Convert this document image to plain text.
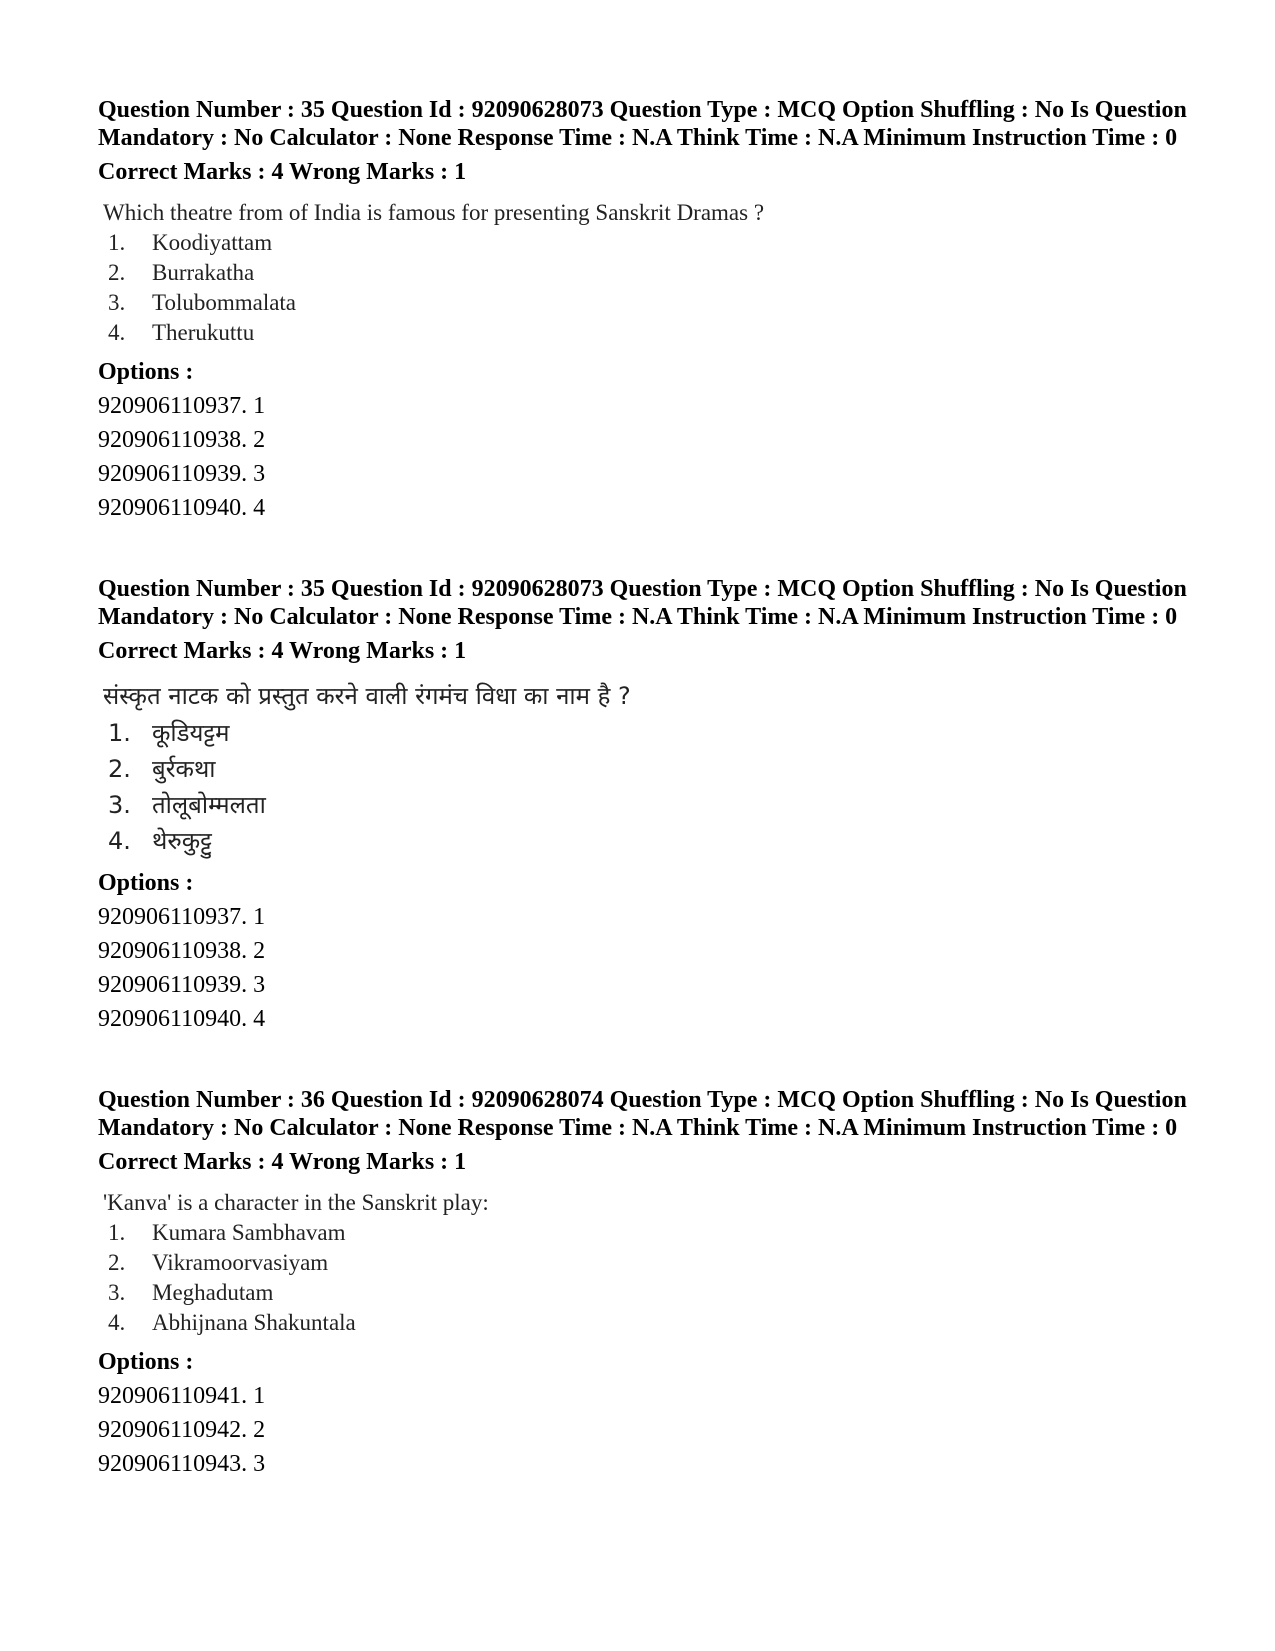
Question Number : 35 Question Id : 92090628073 Question Type : MCQ Option Shuffling : No Is Question Mandatory : No Calculator : None Response Time : N.A Think Time : N.A Minimum Instruction Time : 0

Correct Marks : 4 Wrong Marks : 1

Which theatre from of India is famous for presenting Sanskrit Dramas ?
1.	Koodiyattam
2.	Burrakatha
3.	Tolubommalata
4.	Therukuttu
Options :
920906110937. 1
920906110938. 2
920906110939. 3
920906110940. 4

Question Number : 35 Question Id : 92090628073 Question Type : MCQ Option Shuffling : No Is Question Mandatory : No Calculator : None Response Time : N.A Think Time : N.A Minimum Instruction Time : 0

Correct Marks : 4 Wrong Marks : 1

संस्कृत नाटक को प्रस्तुत करने वाली रंगमंच विधा का नाम है ?
1. कूडियट्टम
2. बुर्रकथा
3. तोलूबोम्मलता
4. थेरुकुट्टु
Options :
920906110937. 1
920906110938. 2
920906110939. 3
920906110940. 4

Question Number : 36 Question Id : 92090628074 Question Type : MCQ Option Shuffling : No Is Question Mandatory : No Calculator : None Response Time : N.A Think Time : N.A Minimum Instruction Time : 0

Correct Marks : 4 Wrong Marks : 1

'Kanva' is a character in the Sanskrit play:
1.	Kumara Sambhavam
2.	Vikramoorvasiyam
3.	Meghadutam
4.	Abhijnana Shakuntala
Options :
920906110941. 1
920906110942. 2
920906110943. 3
